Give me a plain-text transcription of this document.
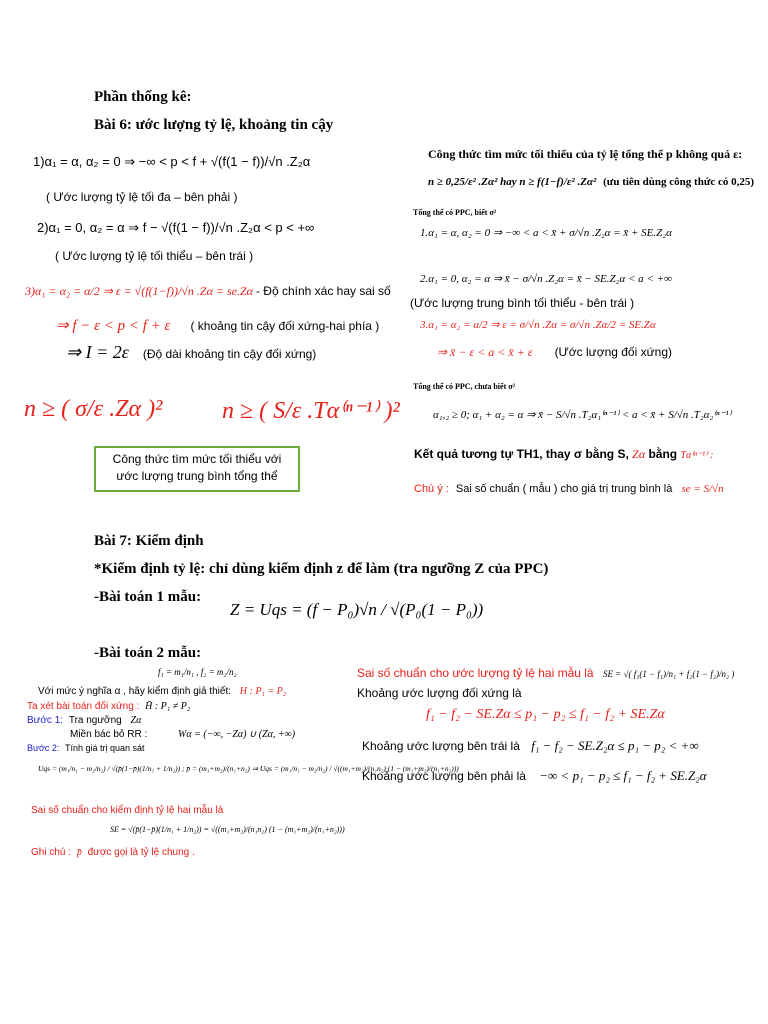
Phần thống kê:
Bài 6: ước lượng tỷ lệ, khoảng tin cậy
1)α₁ = α, α₂ = 0 ⇒ −∞ < p < f + √(f(1 − f))/√n .Z₂α
( Ước lượng tỷ lệ tối đa – bên phải )
2)α₁ = 0, α₂ = α ⇒ f − √(f(1 − f))/√n .Z₂α < p < +∞
( Ước lượng tỷ lệ tối thiểu – bên trái )
3)α₁ = α₂ = α/2 ⇒ ε = √(f(1−f))/√n .Zα = se.Zα - Độ chính xác hay sai số
⇒ f − ε < p < f + ε ( khoảng tin cậy đối xứng-hai phía )
⇒ I = 2ε (Độ dài khoảng tin cậy đối xứng)
Công thức tìm mức tối thiểu của tỷ lệ tổng thể p không quá ε:
n ≥ 0,25/ε² .Zα² hay n ≥ f(1−f)/ε² .Zα² (ưu tiên dùng công thức có 0,25)
Tổng thể có PPC, biết σ²
1.α₁ = α, α₂ = 0 ⇒ −∞ < a < x̄ + σ/√n .Z₂α = x̄ + SE.Z₂α
2.α₁ = 0, α₂ = α ⇒ x̄ − σ/√n .Z₂α = x̄ − SE.Z₂α < a < +∞
(Ước lượng trung bình tối thiểu - bên trái )
3.α₁ = α₂ = α/2 ⇒ ε = σ/√n .Zα = σ/√n .Zα/2 = SE.Zα
⇒ x̄ − ε < a < x̄ + ε (Ước lượng đối xứng)
Tổng thể có PPC, chưa biết σ²
α₁,₂ ≥ 0; α₁ + α₂ = α ⇒ x̄ − S/√n .T₂α₁⁽ⁿ⁻¹⁾ < a < x̄ + S/√n .T₂α₂⁽ⁿ⁻¹⁾
Kết quả tương tự TH1, thay σ bằng S, Zα bằng Tα⁽ⁿ⁻¹⁾ :
Chú ý : Sai số chuẩn ( mẫu ) cho giá trị trung bình là se = S/√n
n ≥ ( σ/ε .Zα )² n ≥ ( S/ε .Tα⁽ⁿ⁻¹⁾ )²
Công thức tìm mức tối thiểu với
ước lượng trung bình tổng thể
Bài 7: Kiểm định
*Kiểm định tỷ lệ: chỉ dùng kiểm định z để làm (tra ngưỡng Z của PPC)
-Bài toán 1 mẫu:
Z = Uqs = (f − P₀)√n / √(P₀(1 − P₀))
-Bài toán 2 mẫu:
f₁ = m₁/n₁ , f₂ = m₂/n₂
Với mức ý nghĩa α , hãy kiểm định giả thiết: H : P₁ = P₂
Ta xét bài toán đối xứng : H̄ : P₁ ≠ P₂
Bước 1: Tra ngưỡng Zα
Miền bác bỏ RR :	Wα = (−∞, −Zα) ∪ (Zα, +∞)
Bước 2: Tính giá trị quan sát
Uqs = (m₁/n₁ − m₂/n₂) / √(p̄(1−p̄)(1/n₁ + 1/n₂)) ; p̄ = (m₁+m₂)/(n₁+n₂) ⇒ Uqs = (m₁/n₁ − m₂/n₂) / √((m₁+m₂)/(n₁n₂) (1 − (m₁+m₂)/(n₁+n₂)))
Sai số chuẩn cho kiểm định tỷ lệ hai mẫu là
SE = √(p̄(1−p̄)(1/n₁ + 1/n₂)) = √((m₁+m₂)/(n₁n₂) (1 − (m₁+m₂)/(n₁+n₂)))
Ghi chú : p̄ được gọi là tỷ lệ chung .
Sai số chuẩn cho ước lượng tỷ lệ hai mẫu là SE = √( f₁(1 − f₁)/n₁ + f₂(1 − f₂)/n₂ )
Khoảng ước lượng đối xứng là
f₁ − f₂ − SE.Zα ≤ p₁ − p₂ ≤ f₁ − f₂ + SE.Zα
Khoảng ước lượng bên trái là f₁ − f₂ − SE.Z₂α ≤ p₁ − p₂ < +∞
Khoảng ước lượng bên phải là −∞ < p₁ − p₂ ≤ f₁ − f₂ + SE.Z₂α
